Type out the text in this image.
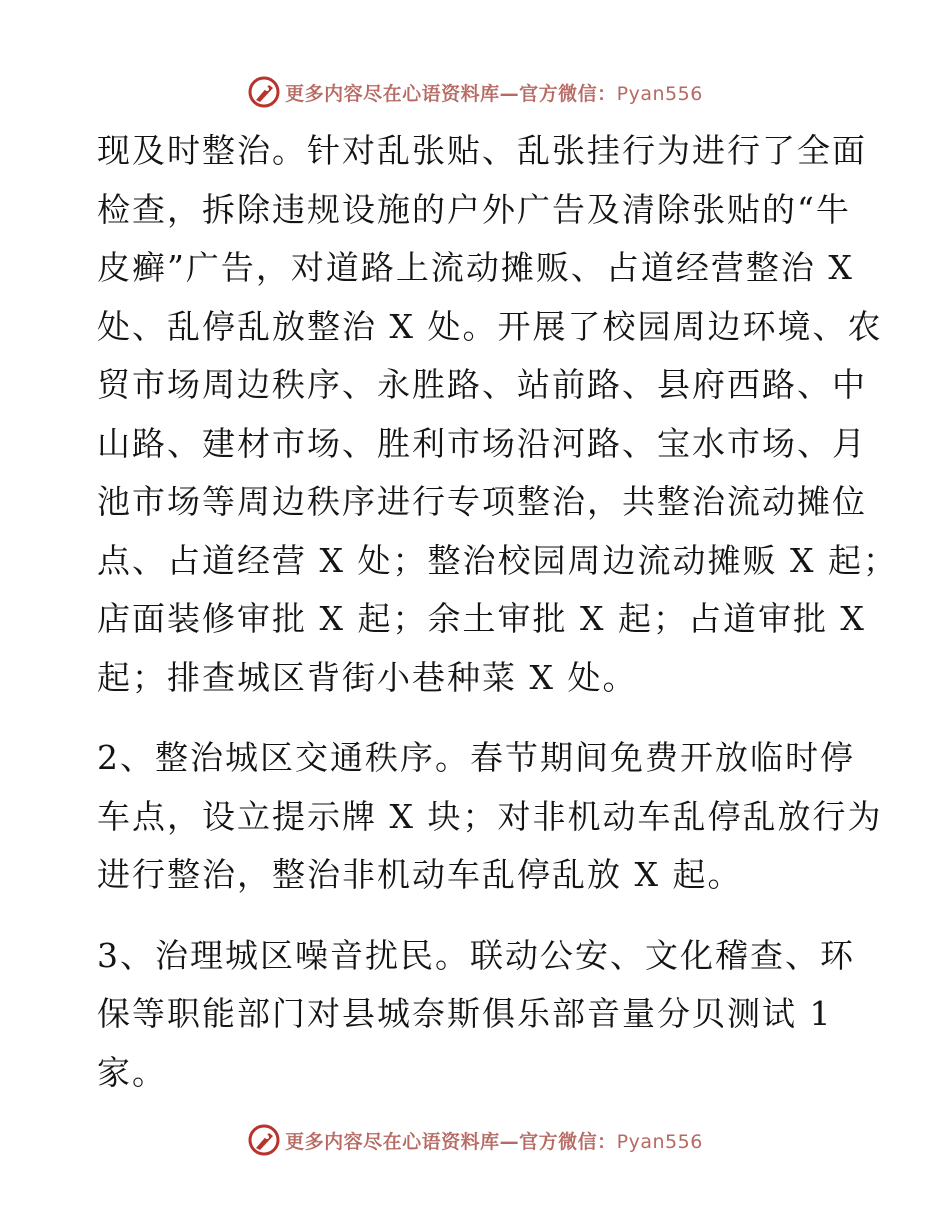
更多内容尽在心语资料库—官方微信：Pyan556

现及时整治。针对乱张贴、乱张挂行为进行了全面
检查，拆除违规设施的户外广告及清除张贴的“牛
皮癣”广告，对道路上流动摊贩、占道经营整治 X
处、乱停乱放整治 X 处。开展了校园周边环境、农
贸市场周边秩序、永胜路、站前路、县府西路、中
山路、建材市场、胜利市场沿河路、宝水市场、月
池市场等周边秩序进行专项整治，共整治流动摊位
点、占道经营 X 处；整治校园周边流动摊贩 X 起；
店面装修审批 X 起；余土审批 X 起；占道审批 X
起；排查城区背街小巷种菜 X 处。

2、整治城区交通秩序。春节期间免费开放临时停
车点，设立提示牌 X 块；对非机动车乱停乱放行为
进行整治，整治非机动车乱停乱放 X 起。

3、治理城区噪音扰民。联动公安、文化稽查、环
保等职能部门对县城奈斯俱乐部音量分贝测试 1
家。

更多内容尽在心语资料库—官方微信：Pyan556
